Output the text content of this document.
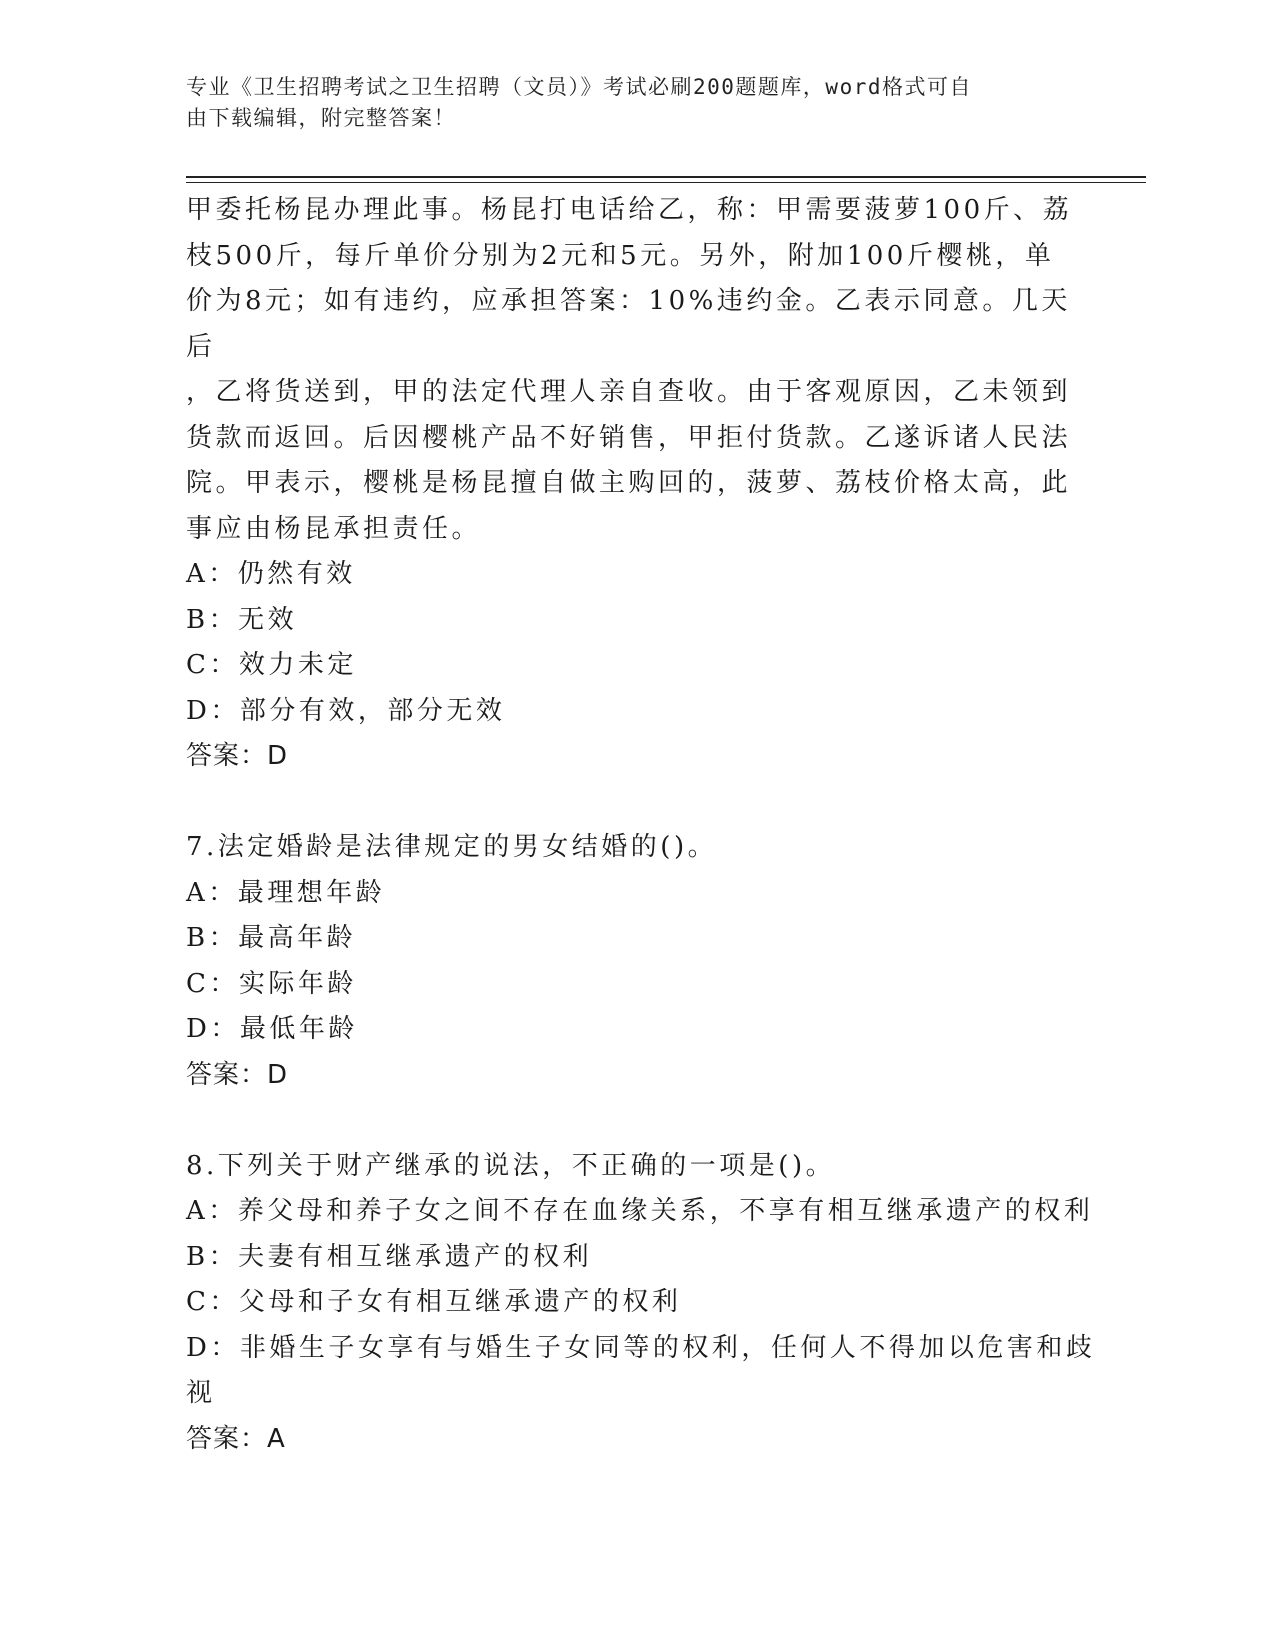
专业《卫生招聘考试之卫生招聘（文员）》考试必刷200题题库，word格式可自
由下载编辑，附完整答案！

甲委托杨昆办理此事。杨昆打电话给乙，称：甲需要菠萝100斤、荔

枝500斤，每斤单价分别为2元和5元。另外，附加100斤樱桃，单

价为8元；如有违约，应承担答案：10%违约金。乙表示同意。几天后

，乙将货送到，甲的法定代理人亲自查收。由于客观原因，乙未领到

货款而返回。后因樱桃产品不好销售，甲拒付货款。乙遂诉诸人民法

院。甲表示，樱桃是杨昆擅自做主购回的，菠萝、荔枝价格太高，此

事应由杨昆承担责任。

A：仍然有效

B：无效

C：效力未定

D：部分有效，部分无效

答案：D

7.法定婚龄是法律规定的男女结婚的()。

A：最理想年龄

B：最高年龄

C：实际年龄

D：最低年龄

答案：D

8.下列关于财产继承的说法，不正确的一项是()。

A：养父母和养子女之间不存在血缘关系，不享有相互继承遗产的权利

B：夫妻有相互继承遗产的权利

C：父母和子女有相互继承遗产的权利

D：非婚生子女享有与婚生子女同等的权利，任何人不得加以危害和歧

视

答案：A
